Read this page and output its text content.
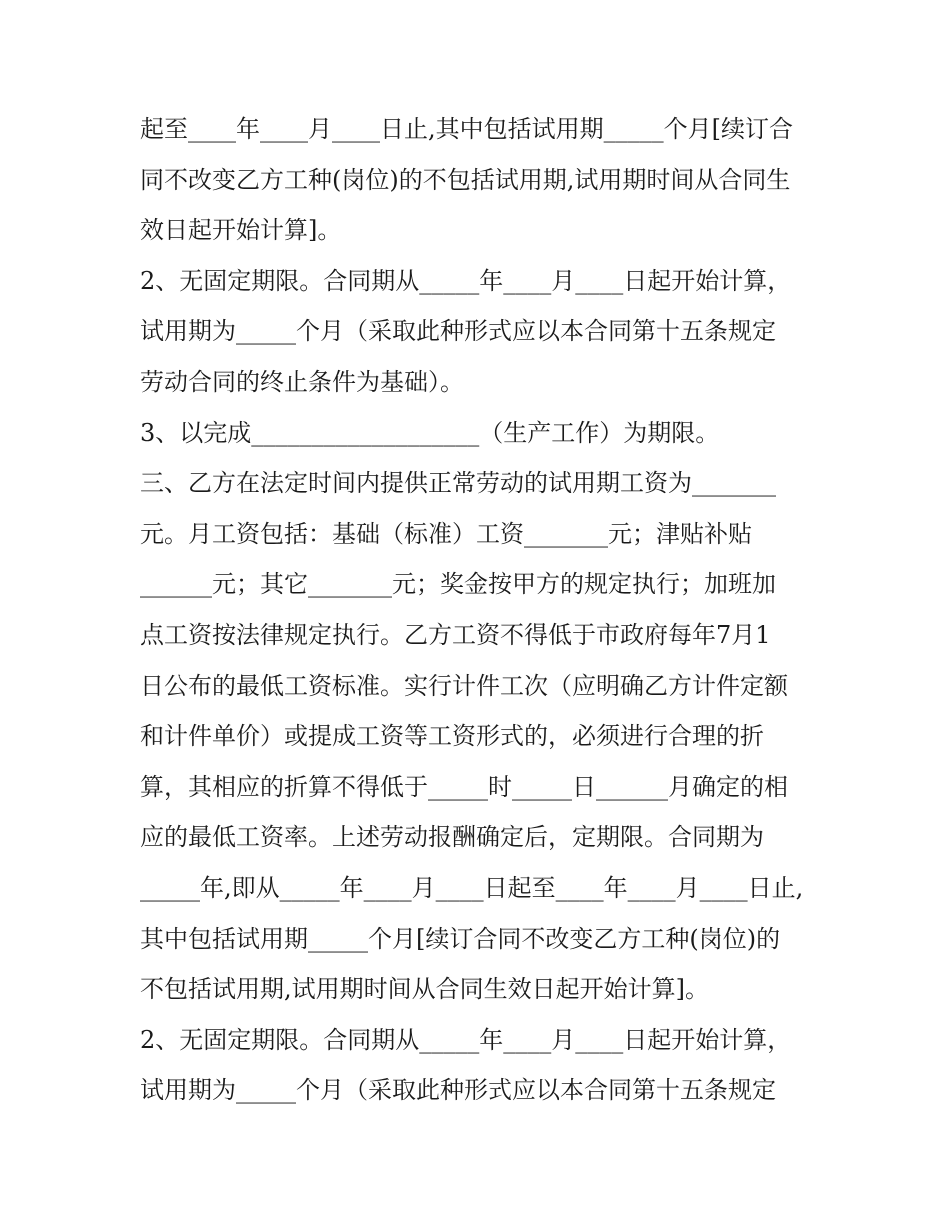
起至____年____月____日止,其中包括试用期_____个月[续订合
同不改变乙方工种(岗位)的不包括试用期,试用期时间从合同生
效日起开始计算]。
2、无固定期限。合同期从_____年____月____日起开始计算，
试用期为_____个月（采取此种形式应以本合同第十五条规定
劳动合同的终止条件为基础）。
3、以完成___________________（生产工作）为期限。
三、乙方在法定时间内提供正常劳动的试用期工资为_______
元。月工资包括：基础（标准）工资_______元；津贴补贴
______元；其它_______元；奖金按甲方的规定执行；加班加
点工资按法律规定执行。乙方工资不得低于市政府每年7月1
日公布的最低工资标准。实行计件工次（应明确乙方计件定额
和计件单价）或提成工资等工资形式的，必须进行合理的折
算，其相应的折算不得低于_____时_____日______月确定的相
应的最低工资率。上述劳动报酬确定后，定期限。合同期为
_____年,即从_____年____月____日起至____年____月____日止,
其中包括试用期_____个月[续订合同不改变乙方工种(岗位)的
不包括试用期,试用期时间从合同生效日起开始计算]。
2、无固定期限。合同期从_____年____月____日起开始计算，
试用期为_____个月（采取此种形式应以本合同第十五条规定
